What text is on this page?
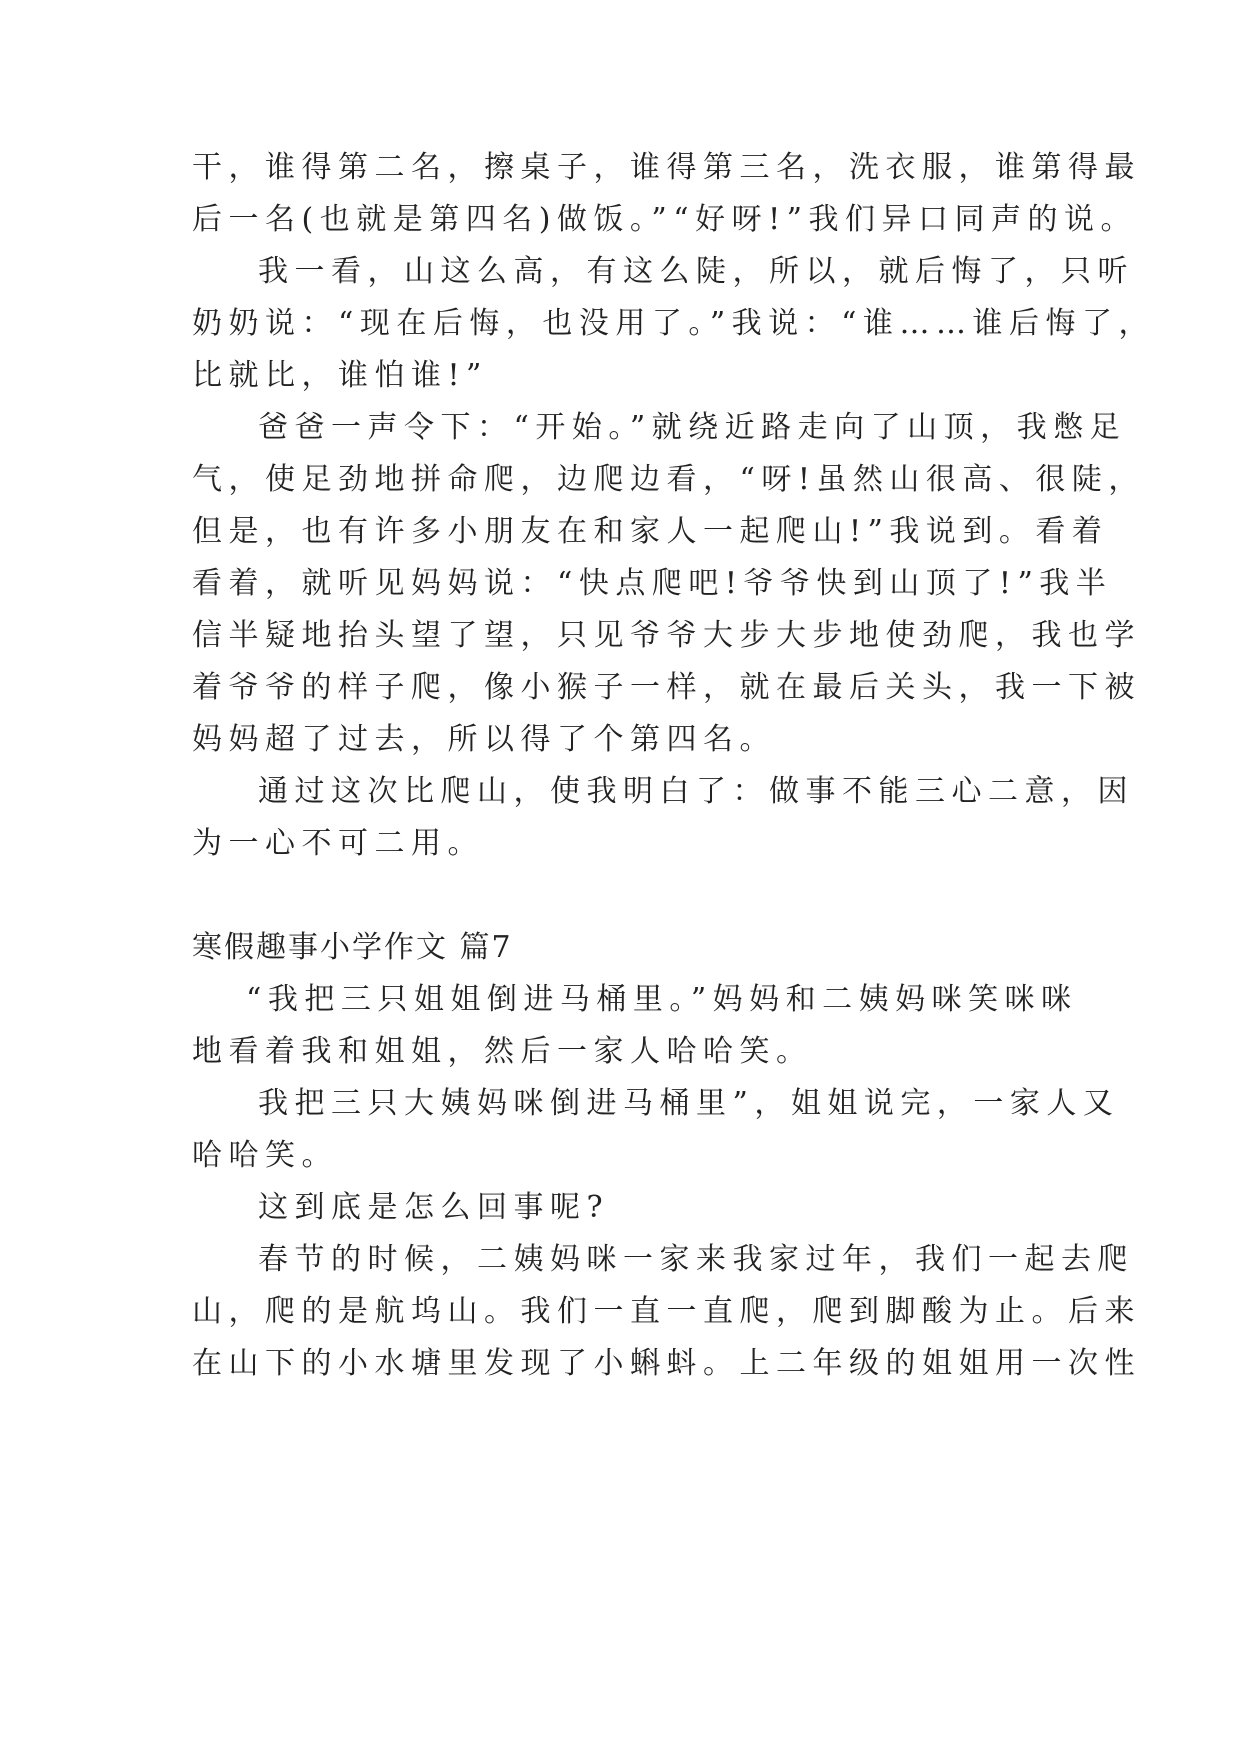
干，谁得第二名，擦桌子，谁得第三名，洗衣服，谁第得最
后一名(也就是第四名)做饭。”“好呀!”我们异口同声的说。
我一看，山这么高，有这么陡，所以，就后悔了，只听
奶奶说：“现在后悔，也没用了。”我说：“谁……谁后悔了，
比就比，谁怕谁!”
爸爸一声令下：“开始。”就绕近路走向了山顶，我憋足
气，使足劲地拼命爬，边爬边看，“呀!虽然山很高、很陡，
但是，也有许多小朋友在和家人一起爬山!”我说到。看着
看着，就听见妈妈说：“快点爬吧!爷爷快到山顶了!”我半
信半疑地抬头望了望，只见爷爷大步大步地使劲爬，我也学
着爷爷的样子爬，像小猴子一样，就在最后关头，我一下被
妈妈超了过去，所以得了个第四名。
通过这次比爬山，使我明白了：做事不能三心二意，因
为一心不可二用。
寒假趣事小学作文 篇7
“我把三只姐姐倒进马桶里。”妈妈和二姨妈咪笑咪咪
地看着我和姐姐，然后一家人哈哈笑。
我把三只大姨妈咪倒进马桶里”，姐姐说完，一家人又
哈哈笑。
这到底是怎么回事呢?
春节的时候，二姨妈咪一家来我家过年，我们一起去爬
山，爬的是航坞山。我们一直一直爬，爬到脚酸为止。后来
在山下的小水塘里发现了小蝌蚪。上二年级的姐姐用一次性
